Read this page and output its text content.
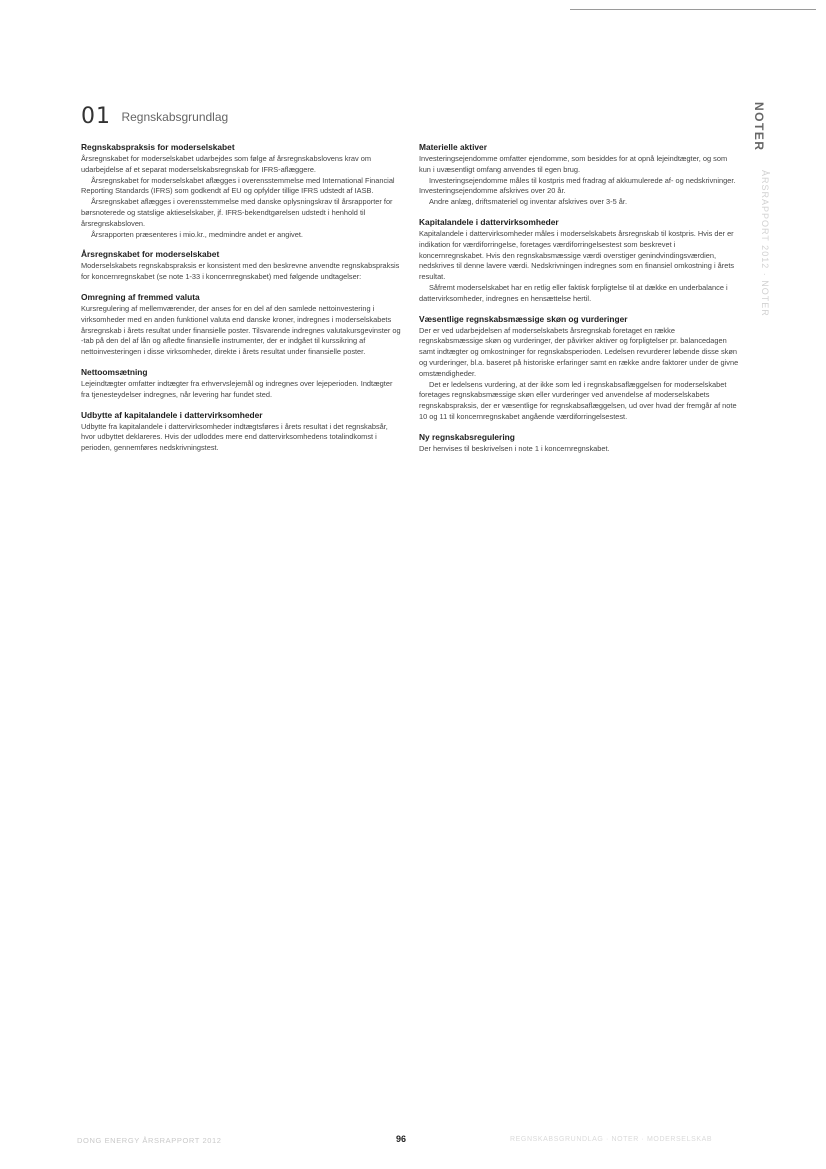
01 Regnskabsgrundlag	NOTER
ÅRSRAPPORT 2012 · NOTER
Regnskabspraksis for moderselskabet

Årsregnskabet for moderselskabet udarbejdes som følge af årsregnskabslovens krav om udarbejdelse af et separat moderselskabsregnskab for IFRS-aflæggere.

Årsregnskabet for moderselskabet aflægges i overensstemmelse med International Financial Reporting Standards (IFRS) som godkendt af EU og opfylder tillige IFRS udstedt af IASB.

Årsregnskabet aflægges i overensstemmelse med danske oplysningskrav til årsrapporter for børsnoterede og statslige aktieselskaber, jf. IFRS-bekendtgørelsen udstedt i henhold til årsregnskabsloven.

Årsrapporten præsenteres i mio.kr., medmindre andet er angivet.

Årsregnskabet for moderselskabet

Moderselskabets regnskabspraksis er konsistent med den beskrevne anvendte regnskabspraksis for koncernregnskabet (se note 1-33 i koncernregnskabet) med følgende undtagelser:

Omregning af fremmed valuta

Kursregulering af mellemværender, der anses for en del af den samlede nettoinvestering i virksomheder med en anden funktionel valuta end danske kroner, indregnes i moderselskabets årsregnskab i årets resultat under finansielle poster. Tilsvarende indregnes valutakursgevinster og -tab på den del af lån og afledte finansielle instrumenter, der er indgået til kurssikring af nettoinvesteringen i disse virksomheder, direkte i årets resultat under finansielle poster.

Nettoomsætning

Lejeindtægter omfatter indtægter fra erhvervslejemål og indregnes over lejeperioden. Indtægter fra tjenesteydelser indregnes, når levering har fundet sted.

Udbytte af kapitalandele i dattervirksomheder

Udbytte fra kapitalandele i dattervirksomheder indtægtsføres i årets resultat i det regnskabsår, hvor udbyttet deklareres. Hvis der udloddes mere end dattervirksomhedens totalindkomst i perioden, gennemføres nedskrivningstest.

Materielle aktiver

Investeringsejendomme omfatter ejendomme, som besiddes for at opnå lejeindtægter, og som kun i uvæsentligt omfang anvendes til egen brug.

Investeringsejendomme måles til kostpris med fradrag af akkumulerede af- og nedskrivninger. Investeringsejendomme afskrives over 20 år.

Andre anlæg, driftsmateriel og inventar afskrives over 3-5 år.

Kapitalandele i dattervirksomheder

Kapitalandele i dattervirksomheder måles i moderselskabets årsregnskab til kostpris. Hvis der er indikation for værdiforringelse, foretages værdiforringelsestest som beskrevet i koncernregnskabet. Hvis den regnskabsmæssige værdi overstiger genindvindingsværdien, nedskrives til denne lavere værdi. Nedskrivningen indregnes som en finansiel omkostning i årets resultat.

Såfremt moderselskabet har en retlig eller faktisk forpligtelse til at dække en underbalance i dattervirksomheder, indregnes en hensættelse hertil.

Væsentlige regnskabsmæssige skøn og vurderinger

Der er ved udarbejdelsen af moderselskabets årsregnskab foretaget en række regnskabsmæssige skøn og vurderinger, der påvirker aktiver og forpligtelser pr. balancedagen samt indtægter og omkostninger for regnskabsperioden. Ledelsen revurderer løbende disse skøn og vurderinger, bl.a. baseret på historiske erfaringer samt en række andre faktorer under de givne omstændigheder.

Det er ledelsens vurdering, at der ikke som led i regnskabsaflæggelsen for moderselskabet foretages regnskabsmæssige skøn eller vurderinger ved anvendelse af moderselskabets regnskabspraksis, der er væsentlige for regnskabsaflæggelsen, ud over hvad der fremgår af note 10 og 11 til koncernregnskabet angående værdiforringelsestest.

Ny regnskabsregulering

Der henvises til beskrivelsen i note 1 i koncernregnskabet.

DONG ENERGY ÅRSRAPPORT 2012	96	REGNSKABSGRUNDLAG · NOTER · MODERSELSKAB
